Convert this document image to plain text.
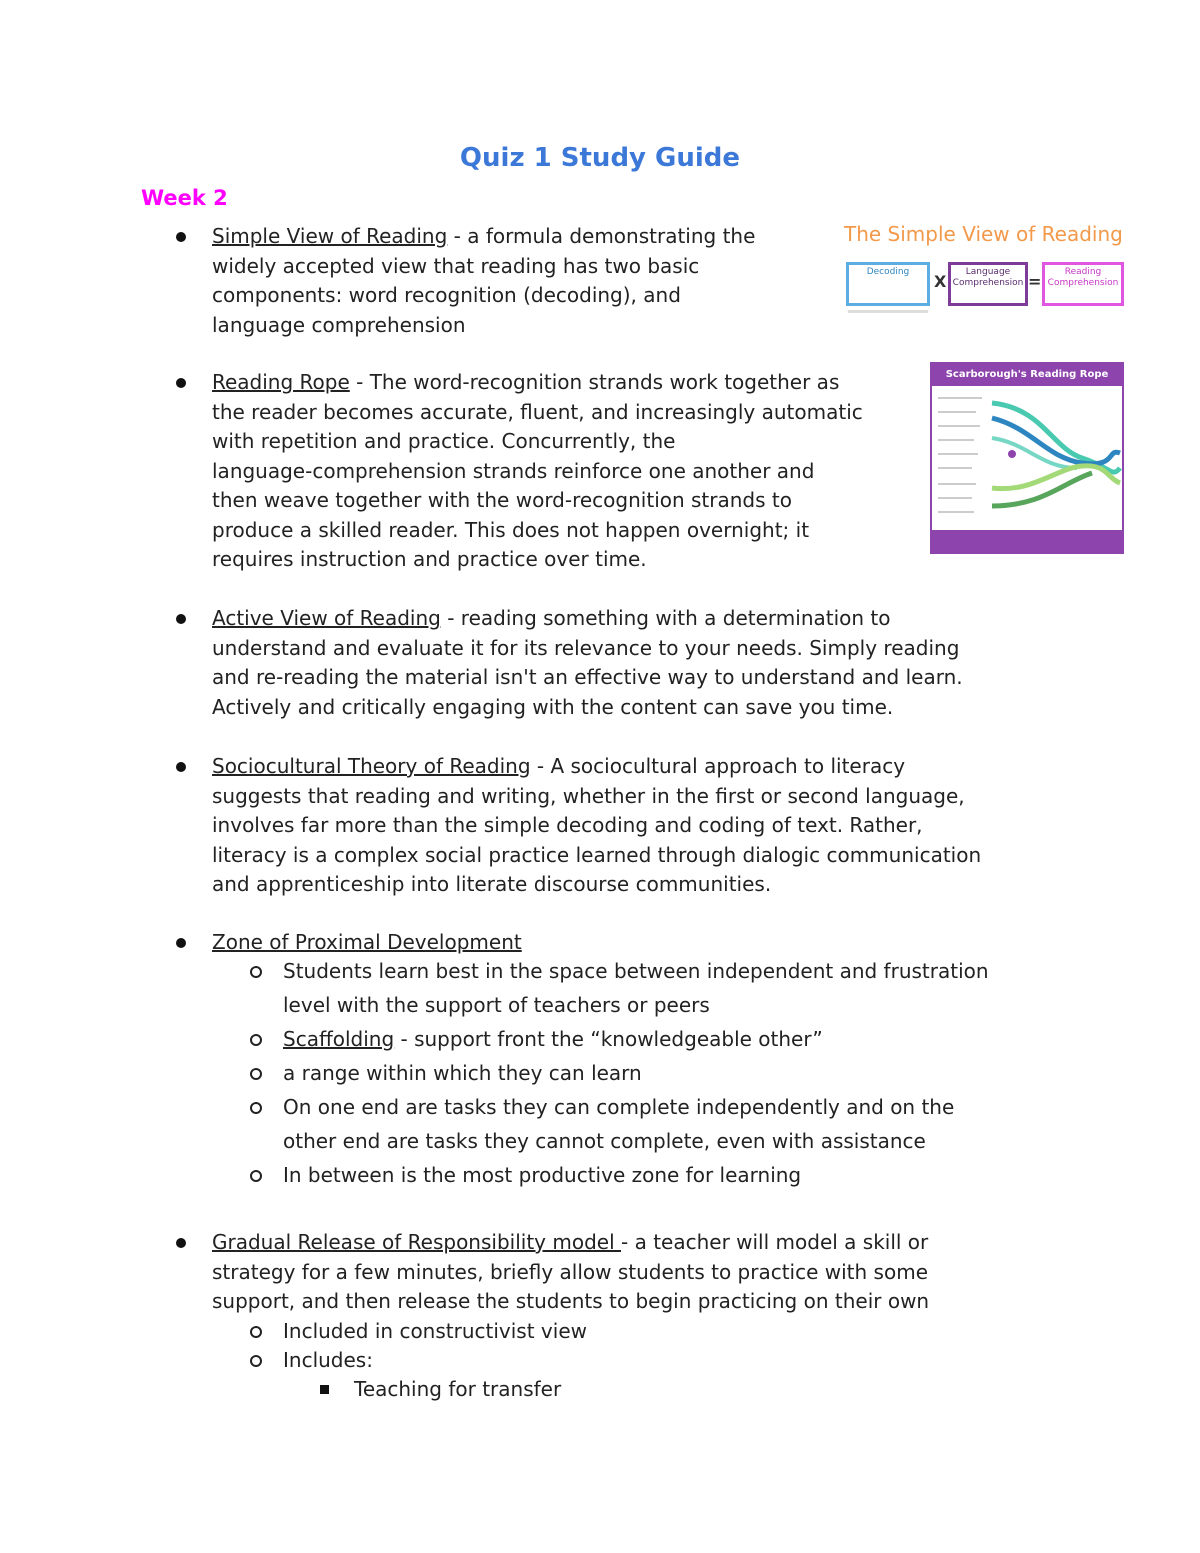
Quiz 1 Study Guide
Week 2
Simple View of Reading - a formula demonstrating the
widely accepted view that reading has two basic
components: word recognition (decoding), and
language comprehension
The Simple View of Reading
Decoding	X	Language Comprehension =	Reading Comprehension
Reading Rope - The word-recognition strands work together as
the reader becomes accurate, fluent, and increasingly automatic
with repetition and practice. Concurrently, the
language-comprehension strands reinforce one another and
then weave together with the word-recognition strands to
produce a skilled reader. This does not happen overnight; it
requires instruction and practice over time.
Scarborough's Reading Rope
Active View of Reading - reading something with a determination to
understand and evaluate it for its relevance to your needs. Simply reading
and re-reading the material isn't an effective way to understand and learn.
Actively and critically engaging with the content can save you time.
Sociocultural Theory of Reading - A sociocultural approach to literacy
suggests that reading and writing, whether in the first or second language,
involves far more than the simple decoding and coding of text. Rather,
literacy is a complex social practice learned through dialogic communication
and apprenticeship into literate discourse communities.
Zone of Proximal Development
Students learn best in the space between independent and frustration
level with the support of teachers or peers
Scaffolding - support front the “knowledgeable other”
a range within which they can learn
On one end are tasks they can complete independently and on the
other end are tasks they cannot complete, even with assistance
In between is the most productive zone for learning
Gradual Release of Responsibility model - a teacher will model a skill or
strategy for a few minutes, briefly allow students to practice with some
support, and then release the students to begin practicing on their own
Included in constructivist view
Includes:
Teaching for transfer
